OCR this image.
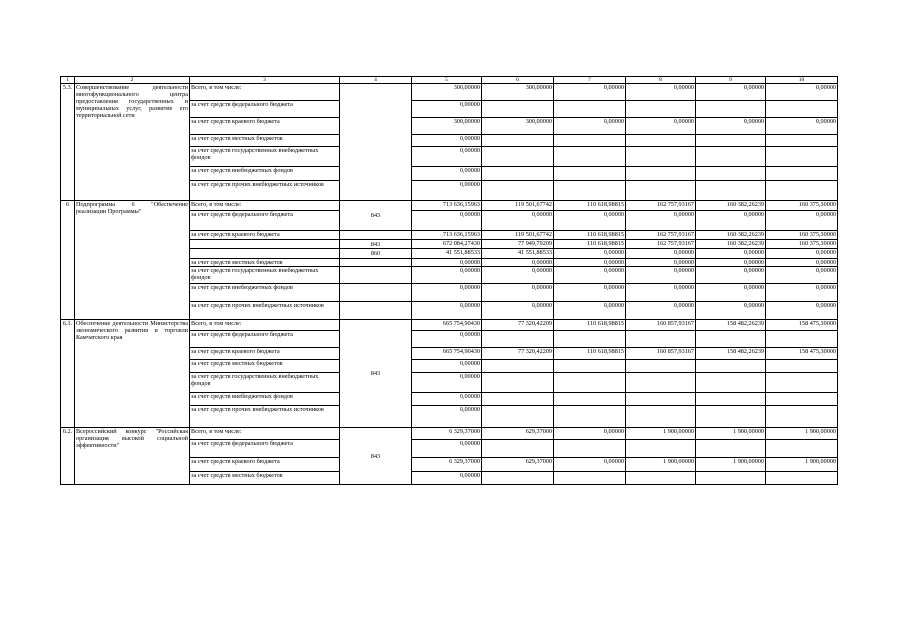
1	2	3	4	5	6	7	8	9	10
5.3.	Совершенствование деятельности многофункционального центра предоставления государственных и муниципальных услуг, развитие его территориальной сети	Всего, в том числе:		300,00000	300,00000	0,00000	0,00000	0,00000	0,00000
		за счет средств федерального бюджета		0,00000					
		за счет средств краевого бюджета		300,00000	300,00000	0,00000	0,00000	0,00000	0,00000
		за счет средств местных бюджетов		0,00000					
		за счет средств государственных внебюджетных фондов		0,00000					
		за счет средств внебюджетных фондов		0,00000					
		за счет средств прочих внебюджетных источников		0,00000					
6	Подпрограмма 6 "Обеспечение реализации Программы"	Всего, в том числе:	843	713 636,15963	119 501,67742	110 618,98815	162 757,93167	160 382,26239	160 375,30000
		за счет средств федерального бюджета		0,00000	0,00000	0,00000	0,00000	0,00000	0,00000
		за счет средств краевого бюджета		713 636,15963	119 501,67742	110 618,98815	162 757,93167	160 382,26239	160 375,30000
			843	672 084,27430	77 949,79209	110 618,98815	162 757,93167	160 382,26239	160 375,30000
			860	41 551,88533	41 551,88533	0,00000	0,00000	0,00000	0,00000
		за счет средств местных бюджетов		0,00000	0,00000	0,00000	0,00000	0,00000	0,00000
		за счет средств государственных внебюджетных фондов		0,00000	0,00000	0,00000	0,00000	0,00000	0,00000
		за счет средств внебюджетных фондов		0,00000	0,00000	0,00000	0,00000	0,00000	0,00000
		за счет средств прочих внебюджетных источников		0,00000	0,00000	0,00000	0,00000	0,00000	0,00000
6.1.	Обеспечение деятельности Министерства экономического развития и торговли Камчатского края	Всего, в том числе:	843	665 754,90430	77 320,42209	110 618,98815	160 857,93167	158 482,26239	158 475,30000
		за счет средств федерального бюджета		0,00000					
		за счет средств краевого бюджета		665 754,90430	77 320,42209	110 618,98815	160 857,93167	158 482,26239	158 475,30000
		за счет средств местных бюджетов		0,00000					
		за счет средств государственных внебюджетных фондов		0,00000					
		за счет средств внебюджетных фондов		0,00000					
		за счет средств прочих внебюджетных источников		0,00000					
6.2.	Всероссийский конкурс "Российская организация высокой социальной эффективности"	Всего, в том числе:	843	6 329,37000	629,37000	0,00000	1 900,00000	1 900,00000	1 900,00000
		за счет средств федерального бюджета		0,00000					
		за счет средств краевого бюджета		6 329,37000	629,37000	0,00000	1 900,00000	1 900,00000	1 900,00000
		за счет средств местных бюджетов		0,00000					
